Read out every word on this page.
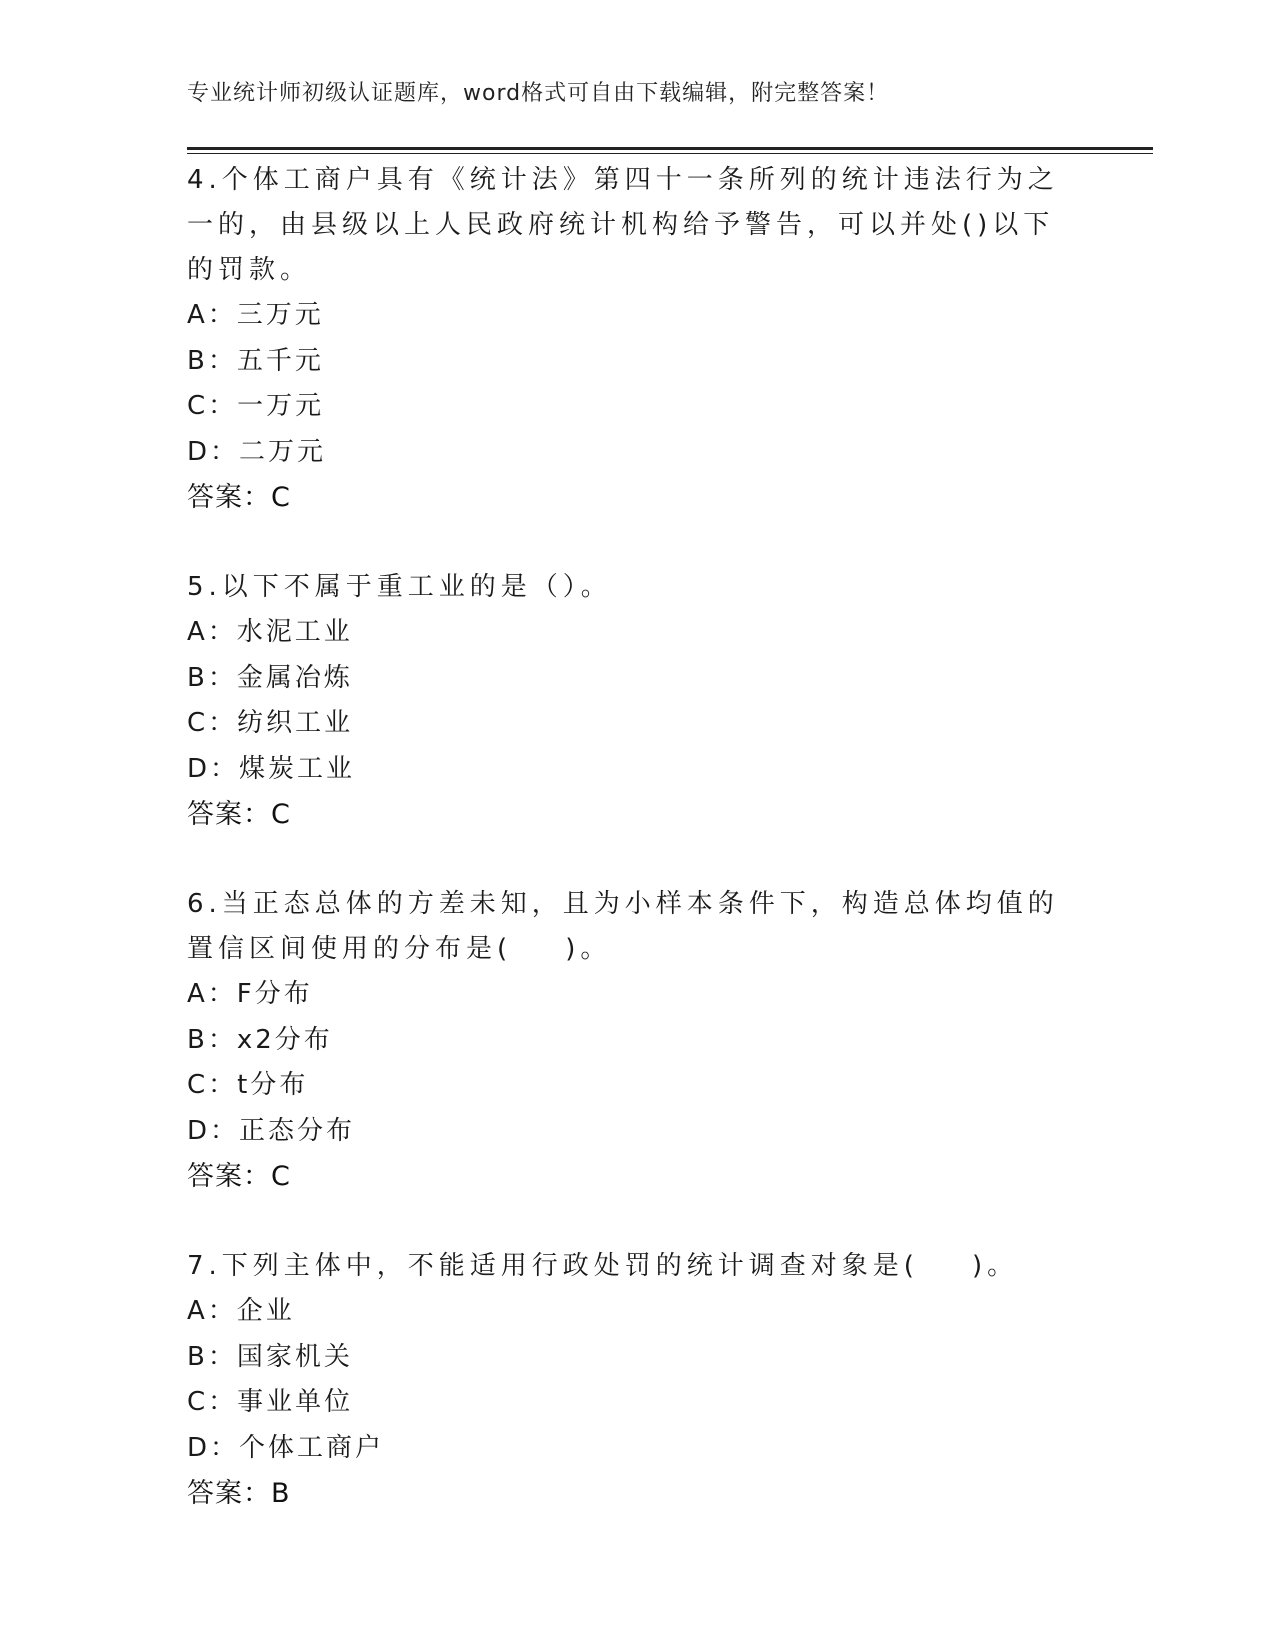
专业统计师初级认证题库，word格式可自由下载编辑，附完整答案！
4.个体工商户具有《统计法》第四十一条所列的统计违法行为之一的，由县级以上人民政府统计机构给予警告，可以并处()以下的罚款。
A：三万元
B：五千元
C：一万元
D：二万元
答案：C
5.以下不属于重工业的是（）。
A：水泥工业
B：金属冶炼
C：纺织工业
D：煤炭工业
答案：C
6.当正态总体的方差未知，且为小样本条件下，构造总体均值的置信区间使用的分布是(    )。
A：F分布
B：x2分布
C：t分布
D：正态分布
答案：C
7.下列主体中，不能适用行政处罚的统计调查对象是(    )。
A：企业
B：国家机关
C：事业单位
D：个体工商户
答案：B
